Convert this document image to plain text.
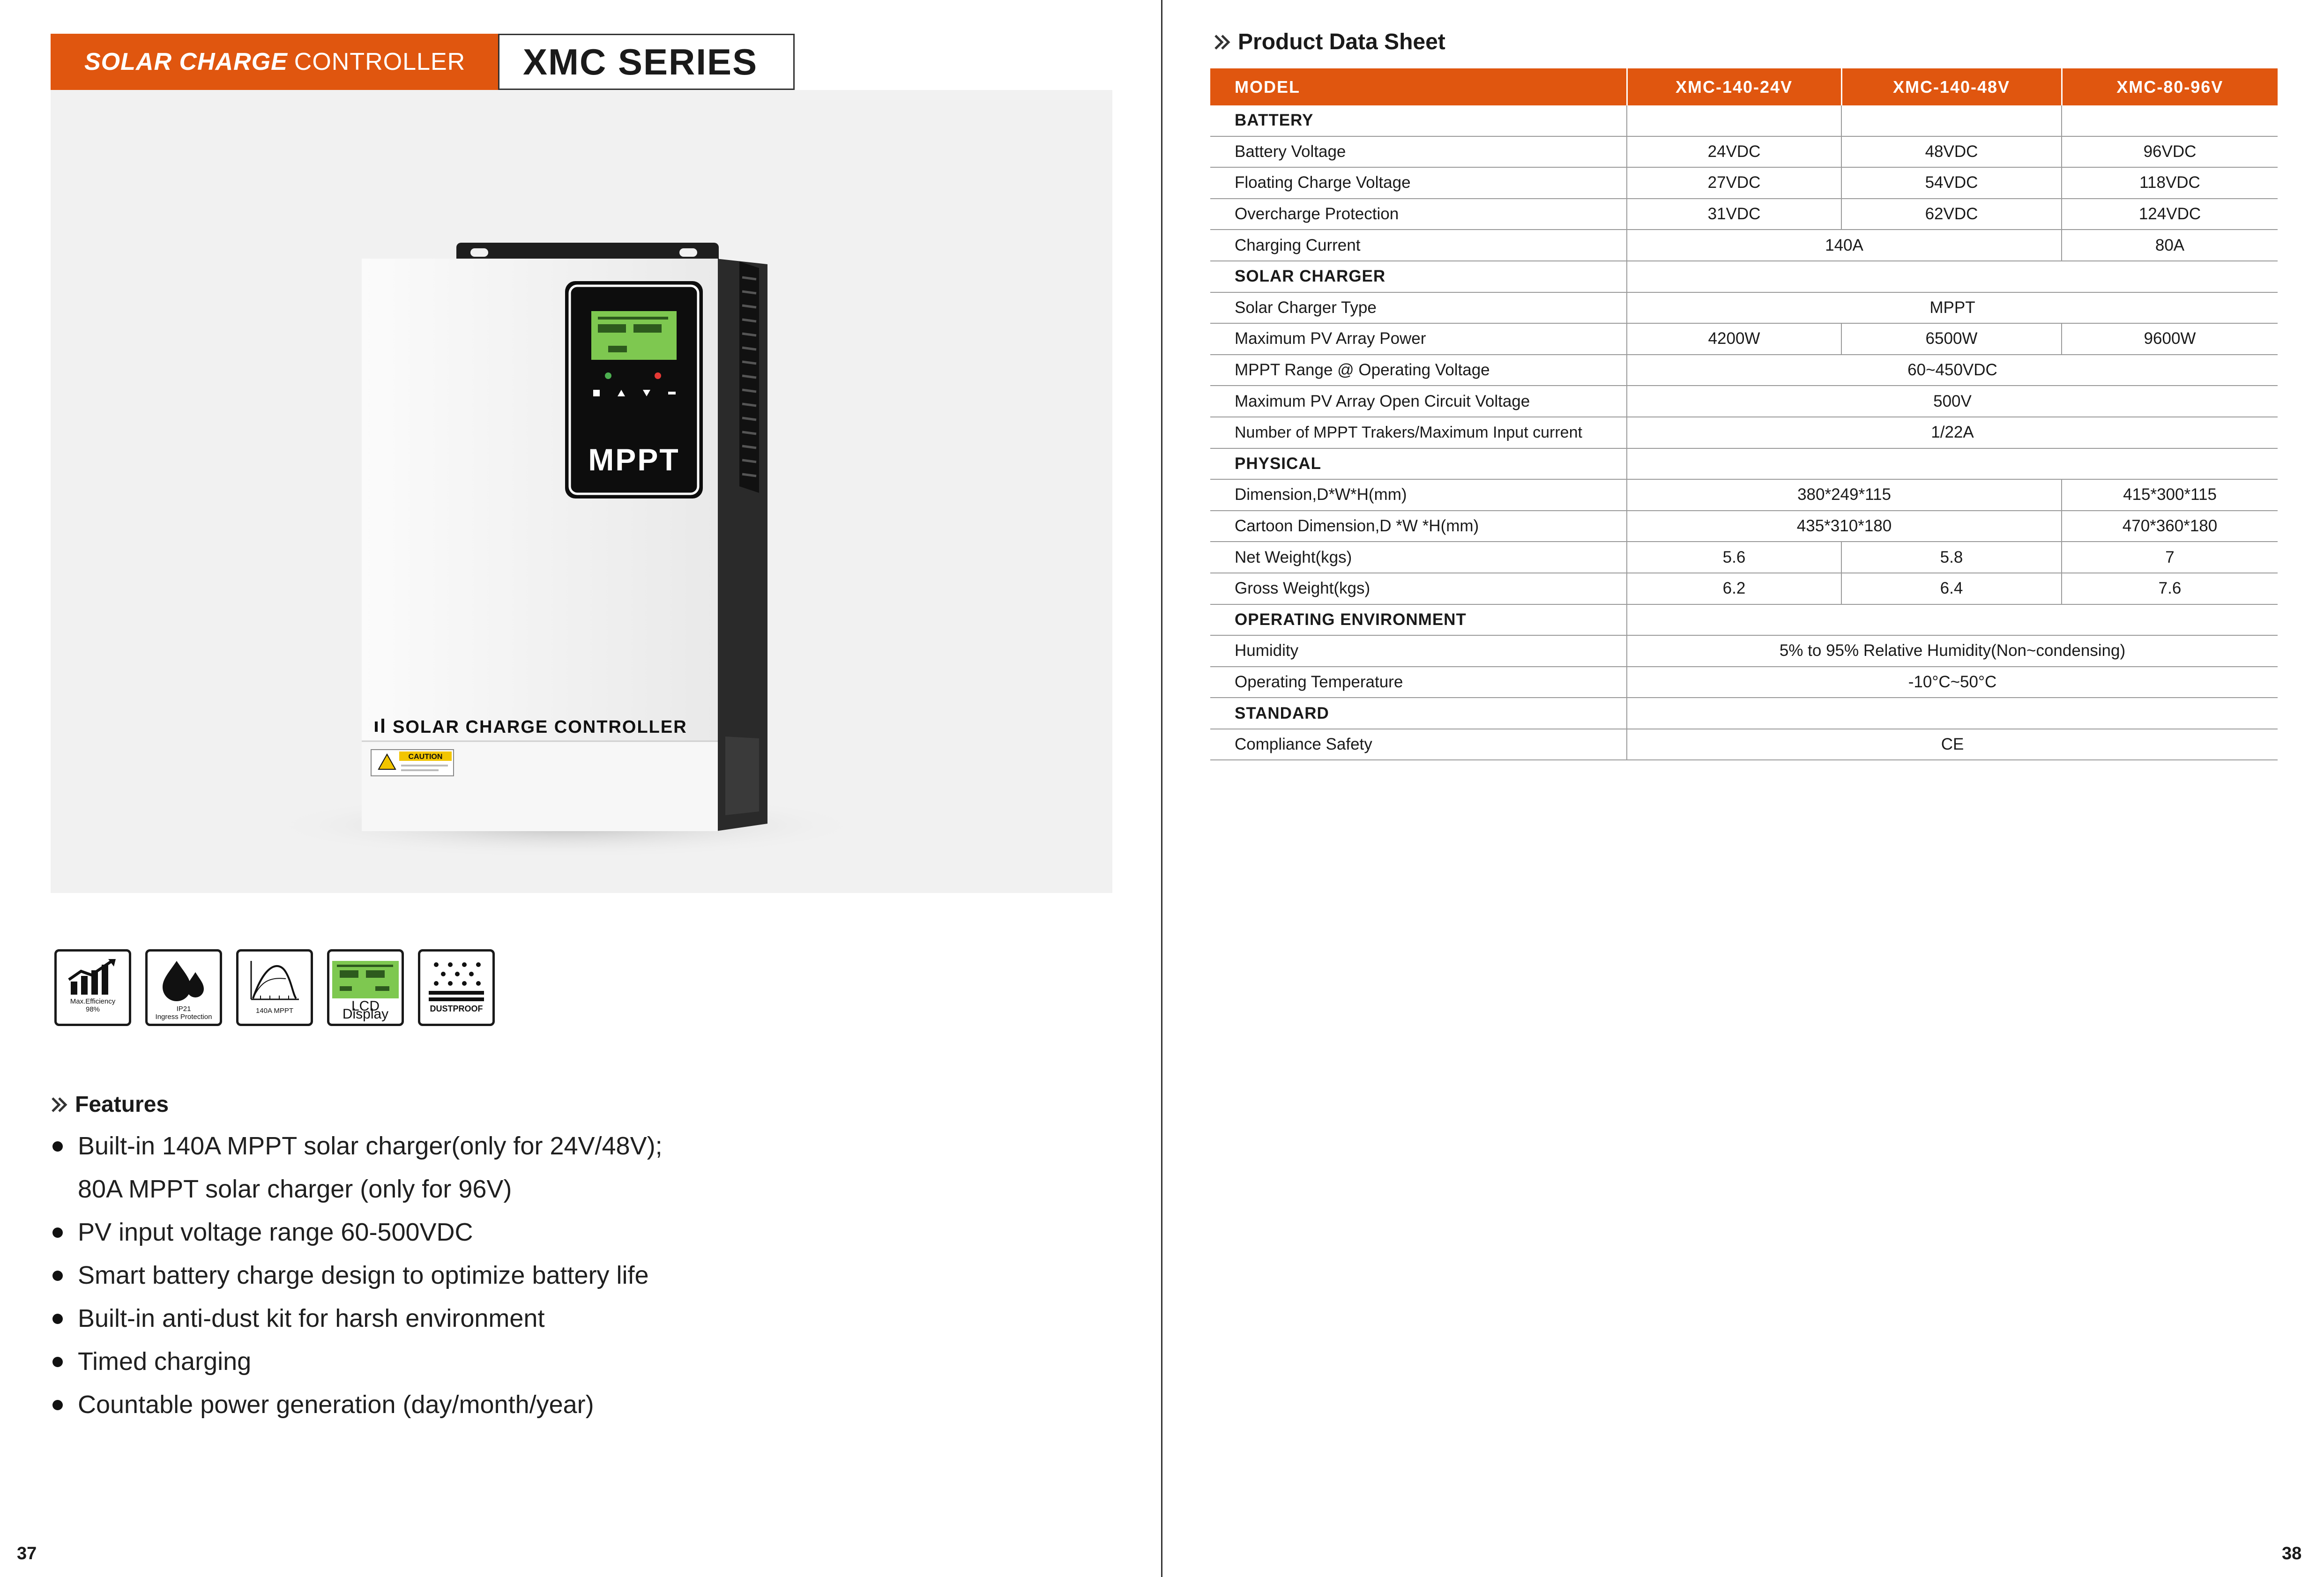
SOLAR CHARGE CONTROLLER	XMC SERIES
MPPT
SOLAR CHARGE CONTROLLER
CAUTION
Max.Efficiency
98%	IP21
Ingress Protection
140A MPPT	LCD Display	DUSTPROOF
Features
Built-in 140A MPPT solar charger(only for 24V/48V);
80A MPPT solar charger (only for 96V)
PV input voltage range 60-500VDC
Smart battery charge design to optimize battery life
Built-in anti-dust kit for harsh environment
Timed charging
Countable power generation (day/month/year)
37
Product Data Sheet
MODEL	XMC-140-24V	XMC-140-48V	XMC-80-96V
BATTERY			
Battery Voltage	24VDC	48VDC	96VDC
Floating Charge Voltage	27VDC	54VDC	118VDC
Overcharge Protection	31VDC	62VDC	124VDC
Charging Current	140A		80A
SOLAR CHARGER			
Solar Charger Type	MPPT		
Maximum PV Array Power	4200W	6500W	9600W
MPPT Range @ Operating Voltage	60~450VDC		
Maximum PV Array Open Circuit Voltage	500V		
Number of MPPT Trakers/Maximum Input current	1/22A		
PHYSICAL			
Dimension,D*W*H(mm)	380*249*115		415*300*115
Cartoon Dimension,D *W *H(mm)	435*310*180		470*360*180
Net Weight(kgs)	5.6	5.8	7
Gross Weight(kgs)	6.2	6.4	7.6
OPERATING ENVIRONMENT			
Humidity	5% to 95% Relative Humidity(Non~condensing)		
Operating Temperature	-10°C~50°C		
STANDARD			
Compliance Safety	CE		
38
